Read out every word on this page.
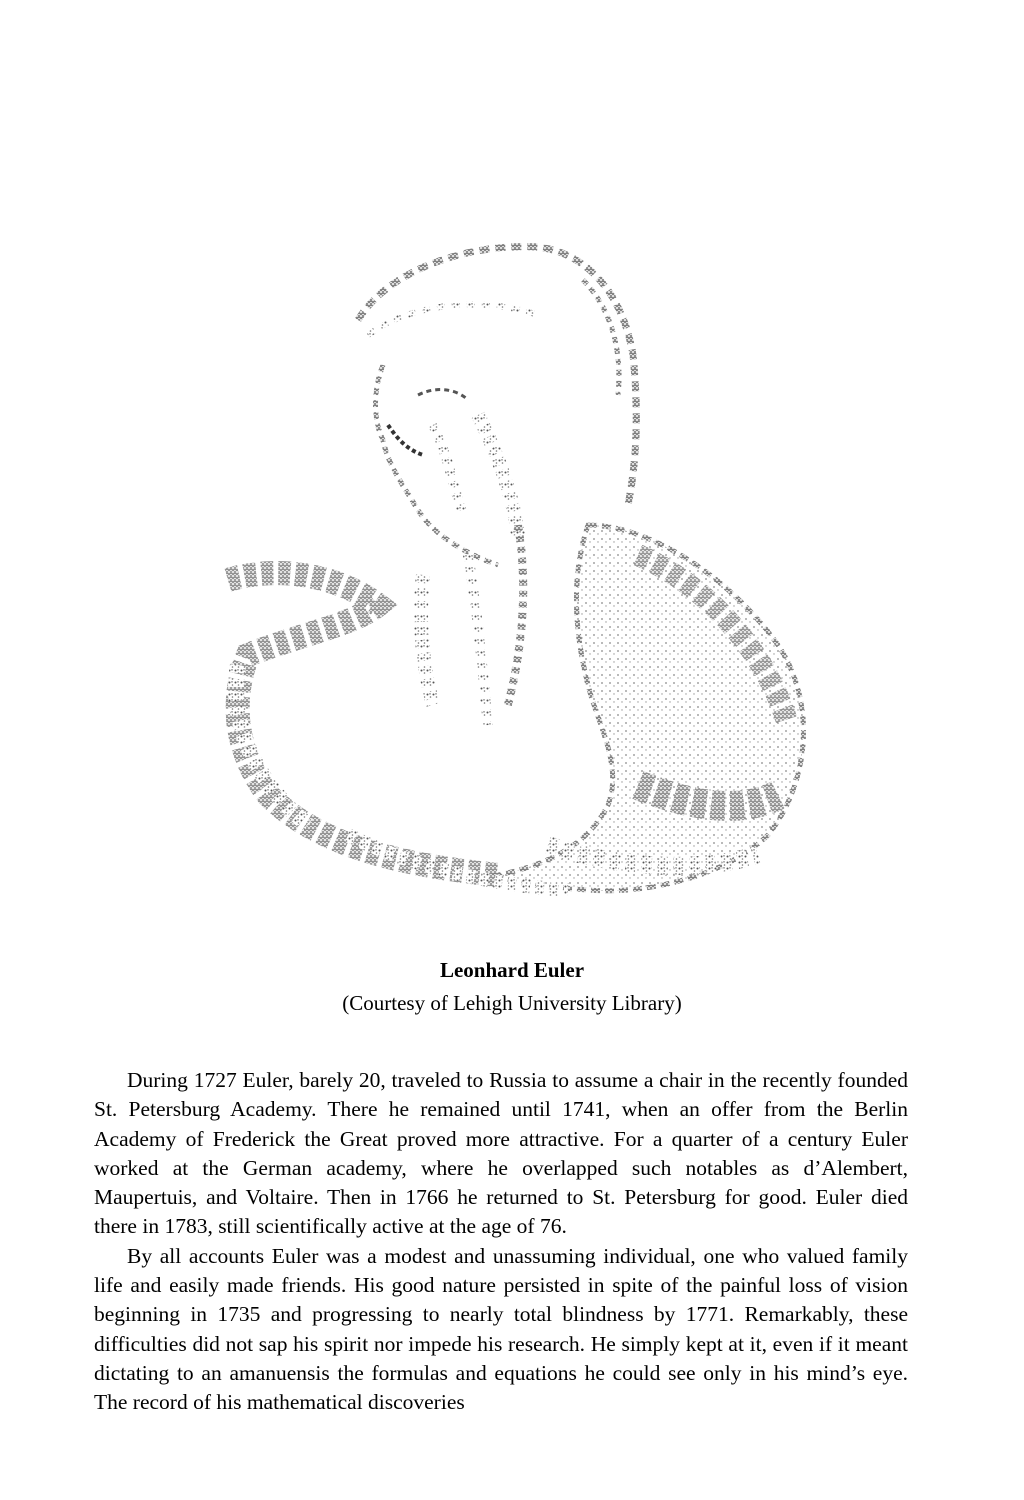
Leonhard Euler
(Courtesy of Lehigh University Library)

During 1727 Euler, barely 20, traveled to Russia to assume a chair in the recently founded St. Petersburg Academy. There he remained until 1741, when an offer from the Berlin Academy of Frederick the Great proved more attractive. For a quarter of a century Euler worked at the German academy, where he overlapped such notables as d’Alembert, Maupertuis, and Voltaire. Then in 1766 he returned to St. Petersburg for good. Euler died there in 1783, still scientifically active at the age of 76.

By all accounts Euler was a modest and unassuming individual, one who valued family life and easily made friends. His good nature persisted in spite of the painful loss of vision beginning in 1735 and progressing to nearly total blindness by 1771. Remarkably, these difficulties did not sap his spirit nor impede his research. He simply kept at it, even if it meant dictating to an amanuensis the formulas and equations he could see only in his mind’s eye. The record of his mathematical discoveries
